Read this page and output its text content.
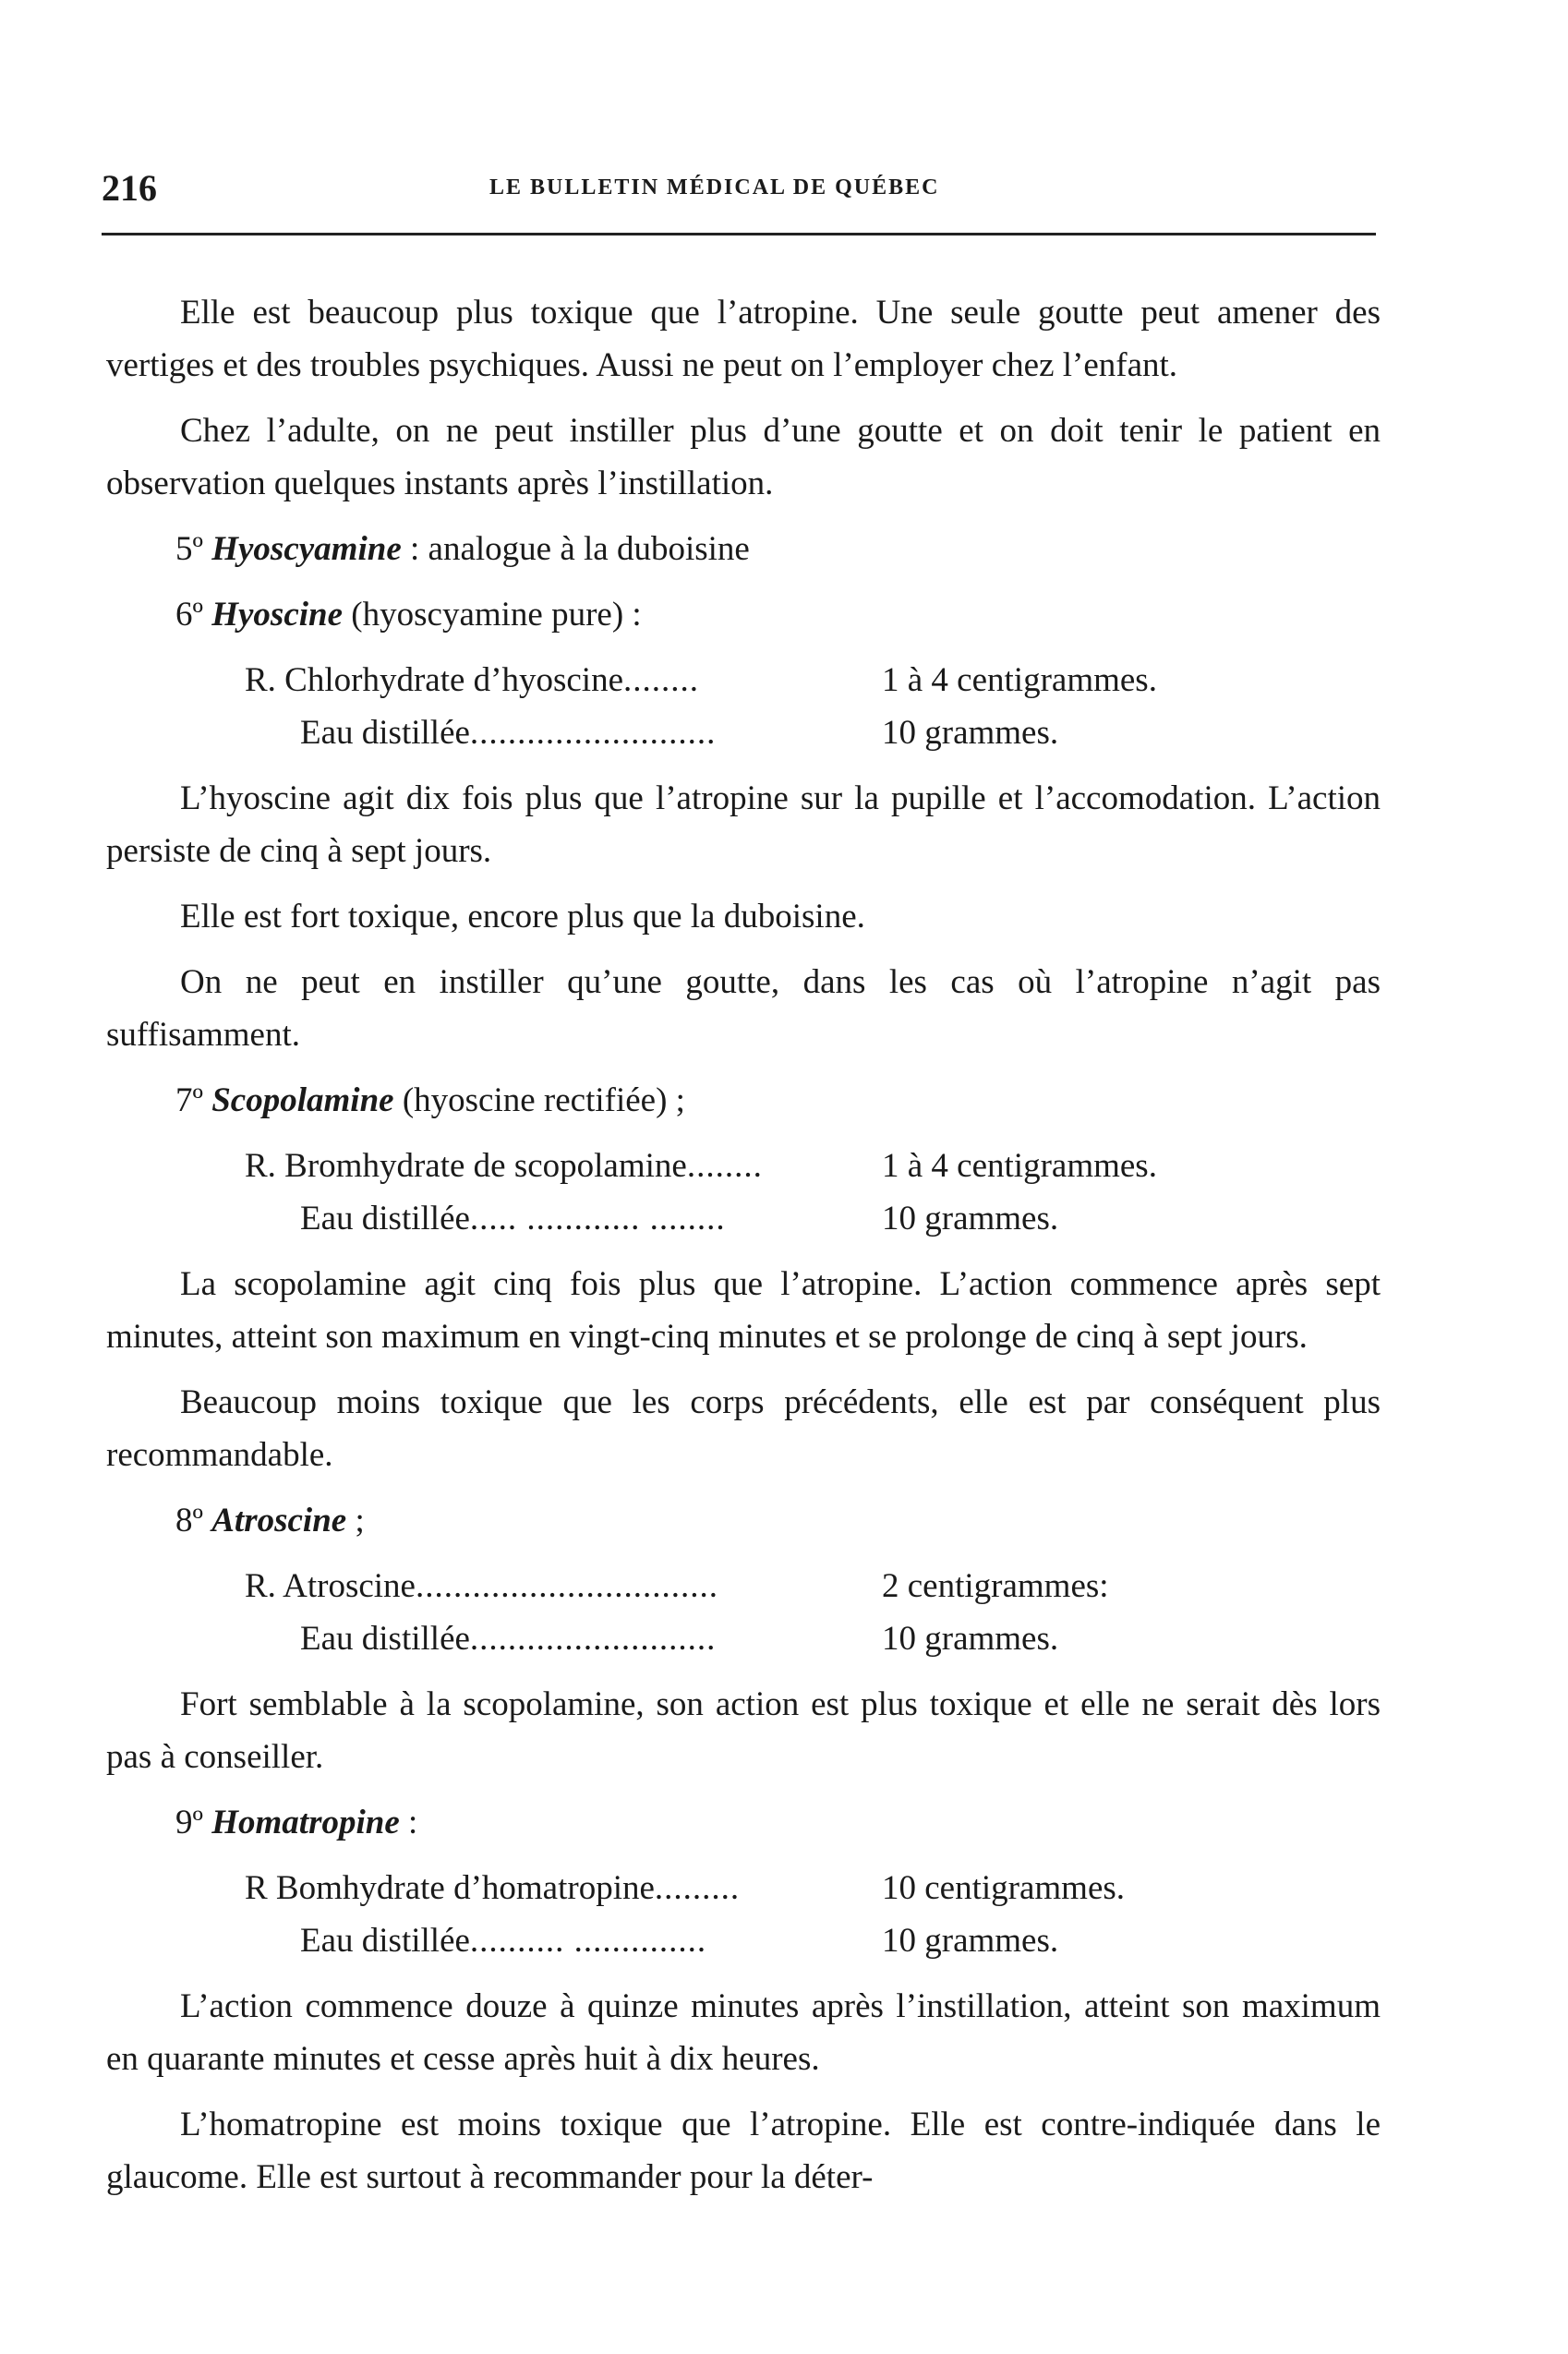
216	LE BULLETIN MÉDICAL DE QUÉBEC

Elle est beaucoup plus toxique que l’atropine. Une seule goutte peut amener des vertiges et des troubles psychiques. Aussi ne peut on l’employer chez l’enfant.

Chez l’adulte, on ne peut instiller plus d’une goutte et on doit tenir le patient en observation quelques instants après l’instillation.

5º Hyoscyamine : analogue à la duboisine

6º Hyoscine (hyoscyamine pure) :

R. Chlorhydrate d’hyoscine........	1 à 4 centigrammes.
Eau distillée..........................	10 grammes.

L’hyoscine agit dix fois plus que l’atropine sur la pupille et l’accomodation. L’action persiste de cinq à sept jours.

Elle est fort toxique, encore plus que la duboisine.

On ne peut en instiller qu’une goutte, dans les cas où l’atropine n’agit pas suffisamment.

7º Scopolamine (hyoscine rectifiée) ;

R. Bromhydrate de scopolamine........	1 à 4 centigrammes.
Eau distillée..... ............ ........	10 grammes.

La scopolamine agit cinq fois plus que l’atropine. L’action commence après sept minutes, atteint son maximum en vingt-cinq minutes et se prolonge de cinq à sept jours.

Beaucoup moins toxique que les corps précédents, elle est par conséquent plus recommandable.

8º Atroscine ;

R. Atroscine................................	2 centigrammes:
Eau distillée..........................	10 grammes.

Fort semblable à la scopolamine, son action est plus toxique et elle ne serait dès lors pas à conseiller.

9º Homatropine :

R Bomhydrate d’homatropine.........	10 centigrammes.
Eau distillée.......... ..............	10 grammes.

L’action commence douze à quinze minutes après l’instillation, atteint son maximum en quarante minutes et cesse après huit à dix heures.

L’homatropine est moins toxique que l’atropine. Elle est contre-indiquée dans le glaucome. Elle est surtout à recommander pour la déter-
